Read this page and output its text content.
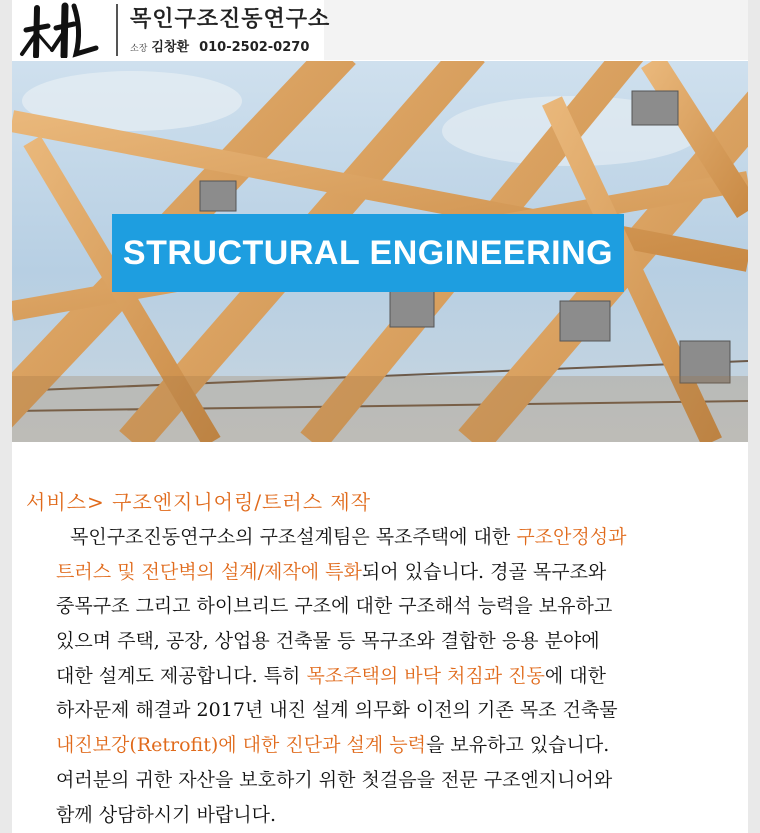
목인구조진동연구소
소장 김창환 010-2502-0270
STRUCTURAL ENGINEERING
서비스> 구조엔지니어링/트러스 제작
목인구조진동연구소의 구조설계팀은 목조주택에 대한 구조안정성과
트러스 및 전단벽의 설계/제작에 특화되어 있습니다. 경골 목구조와
중목구조 그리고 하이브리드 구조에 대한 구조해석 능력을 보유하고
있으며 주택, 공장, 상업용 건축물 등 목구조와 결합한 응용 분야에
대한 설계도 제공합니다. 특히 목조주택의 바닥 처짐과 진동에 대한
하자문제 해결과 2017년 내진 설계 의무화 이전의 기존 목조 건축물
내진보강(Retrofit)에 대한 진단과 설계 능력을 보유하고 있습니다.
여러분의 귀한 자산을 보호하기 위한 첫걸음을 전문 구조엔지니어와
함께 상담하시기 바랍니다.
